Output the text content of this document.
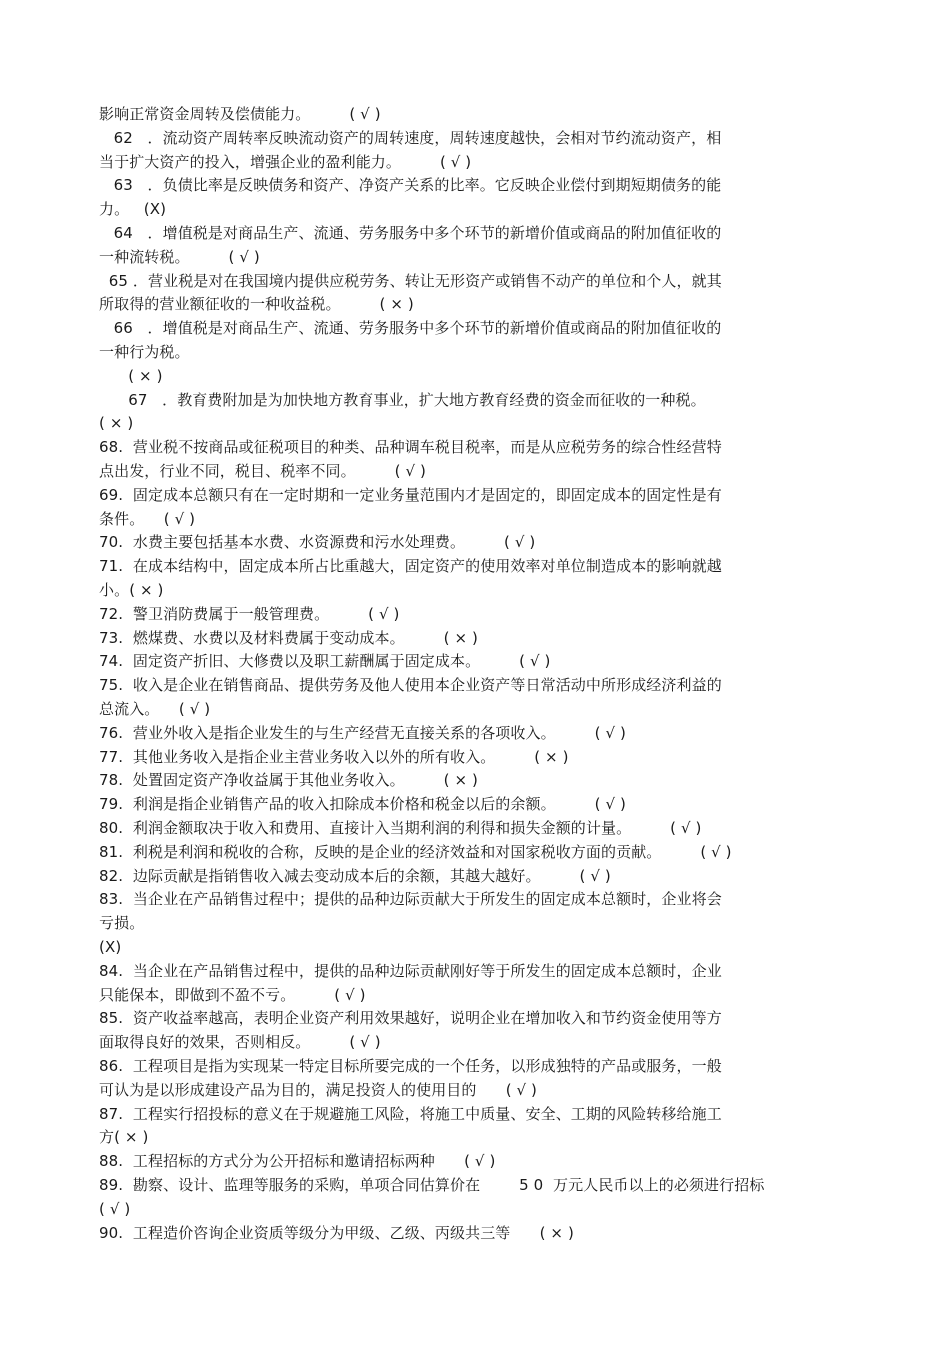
影响正常资金周转及偿债能力。        ( √ )
62   ．流动资产周转率反映流动资产的周转速度，周转速度越快，会相对节约流动资产，相
当于扩大资产的投入，增强企业的盈利能力。        ( √ )
63   ．负债比率是反映债务和资产、净资产关系的比率。它反映企业偿付到期短期债务的能
力。   (X)
64   ．增值税是对商品生产、流通、劳务服务中多个环节的新增价值或商品的附加值征收的
一种流转税。        ( √ )
65 ．营业税是对在我国境内提供应税劳务、转让无形资产或销售不动产的单位和个人，就其
所取得的营业额征收的一种收益税。        ( × )
66   ．增值税是对商品生产、流通、劳务服务中多个环节的新增价值或商品的附加值征收的
一种行为税。
( × )
67   ．教育费附加是为加快地方教育事业，扩大地方教育经费的资金而征收的一种税。
( × )
68.  营业税不按商品或征税项目的种类、品种调车税目税率，而是从应税劳务的综合性经营特
点出发，行业不同，税目、税率不同。        ( √ )
69.  固定成本总额只有在一定时期和一定业务量范围内才是固定的，即固定成本的固定性是有
条件。    ( √ )
70.  水费主要包括基本水费、水资源费和污水处理费。        ( √ )
71.  在成本结构中，固定成本所占比重越大，固定资产的使用效率对单位制造成本的影响就越
小。( × )
72.  警卫消防费属于一般管理费。        ( √ )
73.  燃煤费、水费以及材料费属于变动成本。        ( × )
74.  固定资产折旧、大修费以及职工薪酬属于固定成本。        ( √ )
75.  收入是企业在销售商品、提供劳务及他人使用本企业资产等日常活动中所形成经济利益的
总流入。    ( √ )
76.  营业外收入是指企业发生的与生产经营无直接关系的各项收入。        ( √ )
77.  其他业务收入是指企业主营业务收入以外的所有收入。        ( × )
78.  处置固定资产净收益属于其他业务收入。        ( × )
79.  利润是指企业销售产品的收入扣除成本价格和税金以后的余额。        ( √ )
80.  利润金额取决于收入和费用、直接计入当期利润的利得和损失金额的计量。        ( √ )
81.  利税是利润和税收的合称，反映的是企业的经济效益和对国家税收方面的贡献。        ( √ )
82.  边际贡献是指销售收入减去变动成本后的余额，其越大越好。        ( √ )
83.  当企业在产品销售过程中；提供的品种边际贡献大于所发生的固定成本总额时，企业将会
亏损。
(X)
84.  当企业在产品销售过程中，提供的品种边际贡献刚好等于所发生的固定成本总额时，企业
只能保本，即做到不盈不亏。        ( √ )
85.  资产收益率越高，表明企业资产利用效果越好，说明企业在增加收入和节约资金使用等方
面取得良好的效果，否则相反。        ( √ )
86.  工程项目是指为实现某一特定目标所要完成的一个任务，以形成独特的产品或服务，一般
可认为是以形成建设产品为目的，满足投资人的使用目的      ( √ )
87.  工程实行招投标的意义在于规避施工风险，将施工中质量、安全、工期的风险转移给施工
方( × )
88.  工程招标的方式分为公开招标和邀请招标两种      ( √ )
89.  勘察、设计、监理等服务的采购，单项合同估算价在        5 0  万元人民币以上的必须进行招标
( √ )
90.  工程造价咨询企业资质等级分为甲级、乙级、丙级共三等      ( × )
